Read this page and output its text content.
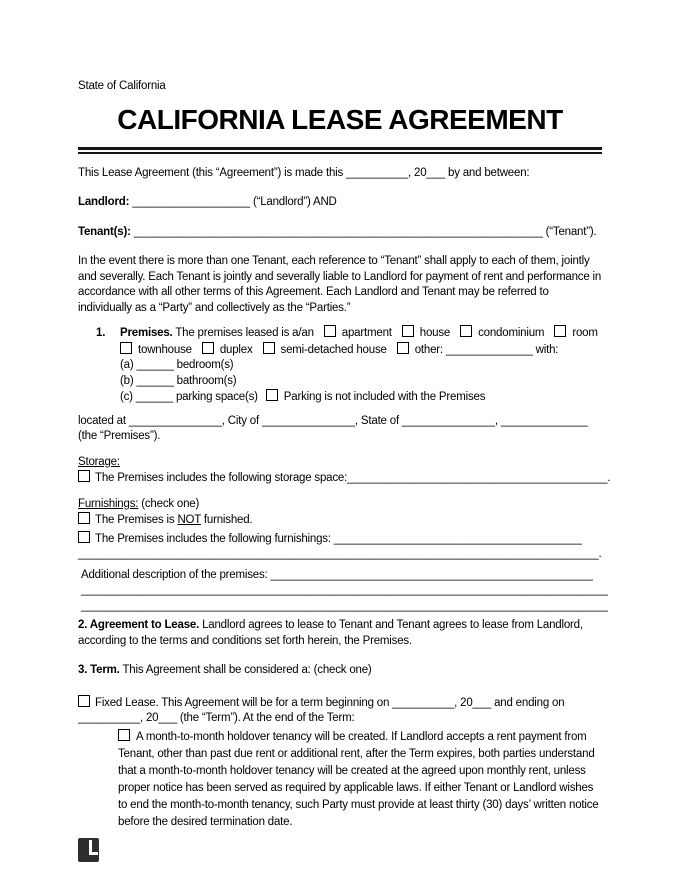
State of California
CALIFORNIA LEASE AGREEMENT

This Lease Agreement (this “Agreement”) is made this __________, 20___ by and between:

Landlord: ___________________ (“Landlord”) AND

Tenant(s): __________________________________________________________________ (“Tenant”).

In the event there is more than one Tenant, each reference to “Tenant” shall apply to each of them, jointly and severally. Each Tenant is jointly and severally liable to Landlord for payment of rent and performance in accordance with all other terms of this Agreement. Each Landlord and Tenant may be referred to individually as a “Party” and collectively as the “Parties.”

1. Premises. The premises leased is a/an apartment house condominium room
townhouse duplex semi-detached house other: ______________ with:
(a) ______ bedroom(s)
(b) ______ bathroom(s)
(c) ______ parking space(s) Parking is not included with the Premises
located at _______________, City of _______________, State of _______________, ______________
(the “Premises”).
Storage:
The Premises includes the following storage space:__________________________________________.
Furnishings: (check one)
The Premises is NOT furnished.
The Premises includes the following furnishings: ________________________________________
____________________________________________________________________________________.
Additional description of the premises: ____________________________________________________
_____________________________________________________________________________________
_____________________________________________________________________________________

2. Agreement to Lease. Landlord agrees to lease to Tenant and Tenant agrees to lease from Landlord, according to the terms and conditions set forth herein, the Premises.

3. Term. This Agreement shall be considered a: (check one)

Fixed Lease. This Agreement will be for a term beginning on __________, 20___ and ending on
__________, 20___ (the “Term”). At the end of the Term:
A month-to-month holdover tenancy will be created. If Landlord accepts a rent payment from Tenant, other than past due rent or additional rent, after the Term expires, both parties understand that a month-to-month holdover tenancy will be created at the agreed upon monthly rent, unless proper notice has been served as required by applicable laws. If either Tenant or Landlord wishes to end the month-to-month tenancy, such Party must provide at least thirty (30) days’ written notice before the desired termination date.
